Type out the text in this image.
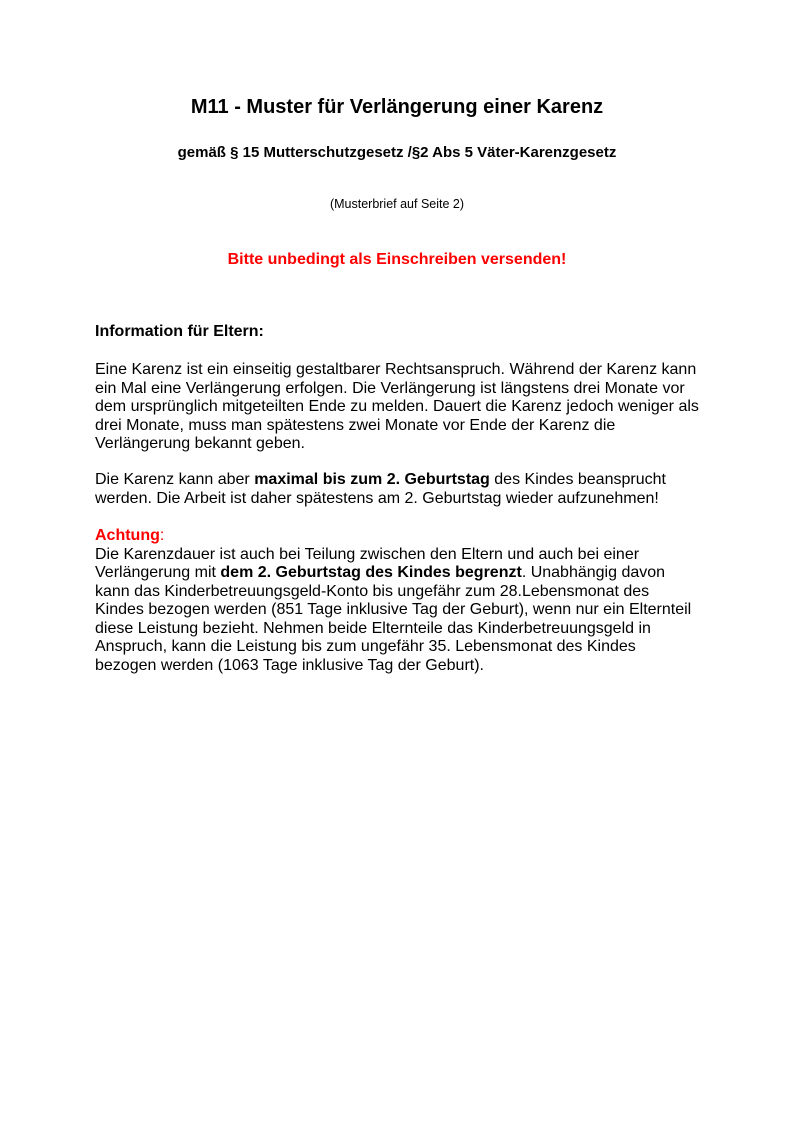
M11 - Muster für Verlängerung einer Karenz
gemäß § 15 Mutterschutzgesetz /§2 Abs 5 Väter-Karenzgesetz
(Musterbrief auf Seite 2)
Bitte unbedingt als Einschreiben versenden!
Information für Eltern:
Eine Karenz ist ein einseitig gestaltbarer Rechtsanspruch. Während der Karenz kann
ein Mal eine Verlängerung erfolgen. Die Verlängerung ist längstens drei Monate vor
dem ursprünglich mitgeteilten Ende zu melden. Dauert die Karenz jedoch weniger als
drei Monate, muss man spätestens zwei Monate vor Ende der Karenz die
Verlängerung bekannt geben.
Die Karenz kann aber maximal bis zum 2. Geburtstag des Kindes beansprucht
werden. Die Arbeit ist daher spätestens am 2. Geburtstag wieder aufzunehmen!
Achtung:
Die Karenzdauer ist auch bei Teilung zwischen den Eltern und auch bei einer
Verlängerung mit dem 2. Geburtstag des Kindes begrenzt. Unabhängig davon
kann das Kinderbetreuungsgeld-Konto bis ungefähr zum 28.Lebensmonat des
Kindes bezogen werden (851 Tage inklusive Tag der Geburt), wenn nur ein Elternteil
diese Leistung bezieht. Nehmen beide Elternteile das Kinderbetreuungsgeld in
Anspruch, kann die Leistung bis zum ungefähr 35. Lebensmonat des Kindes
bezogen werden (1063 Tage inklusive Tag der Geburt).
